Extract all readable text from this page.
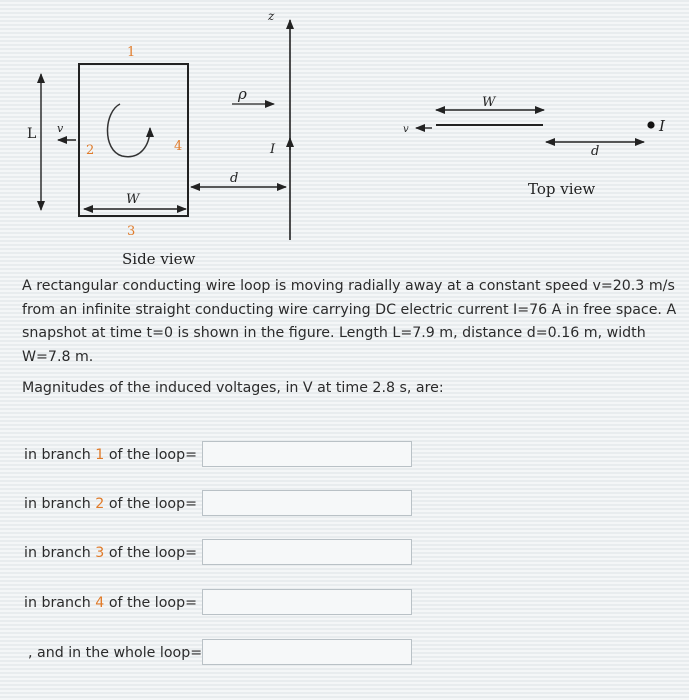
1
2
3
4
L v
W
d
ρ
z
I
Side view
W
v
d
I
Top view

A rectangular conducting wire loop is moving radially away at a constant speed v=20.3 m/s from an infinite straight conducting wire carrying DC electric current I=76 A in free space. A snapshot at time t=0 is shown in the figure. Length L=7.9 m, distance d=0.16 m, width W=7.8 m.

Magnitudes of the induced voltages, in V at time 2.8 s, are:
in branch 1 of the loop=
in branch 2 of the loop=
in branch 3 of the loop=
in branch 4 of the loop=
, and in the whole loop=
